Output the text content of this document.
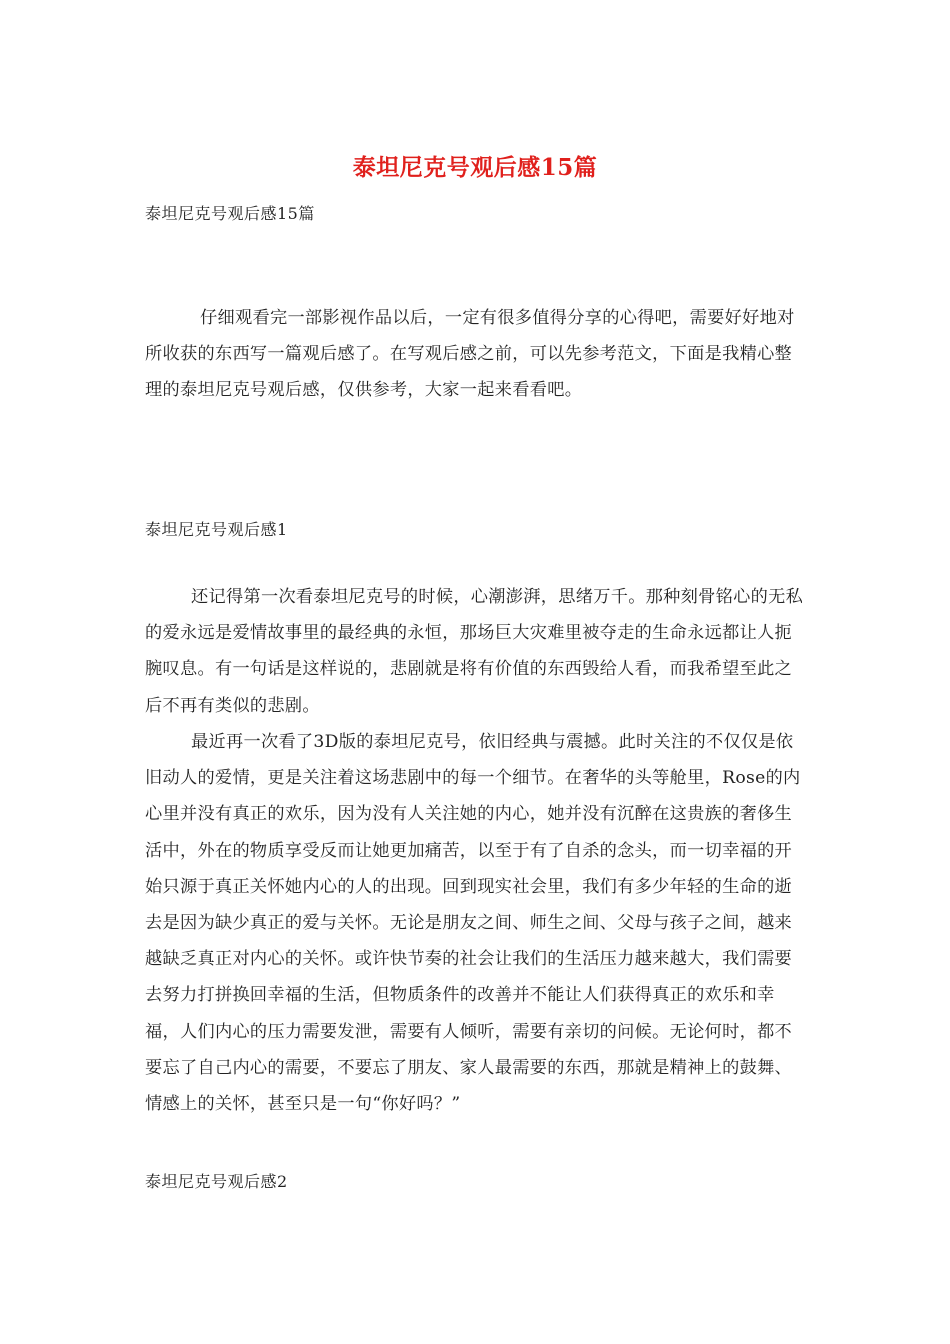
泰坦尼克号观后感15篇
泰坦尼克号观后感15篇

仔细观看完一部影视作品以后，一定有很多值得分享的心得吧，需要好好地对所收获的东西写一篇观后感了。在写观后感之前，可以先参考范文，下面是我精心整理的泰坦尼克号观后感，仅供参考，大家一起来看看吧。

泰坦尼克号观后感1

还记得第一次看泰坦尼克号的时候，心潮澎湃，思绪万千。那种刻骨铭心的无私的爱永远是爱情故事里的最经典的永恒，那场巨大灾难里被夺走的生命永远都让人扼腕叹息。有一句话是这样说的，悲剧就是将有价值的东西毁给人看，而我希望至此之后不再有类似的悲剧。

最近再一次看了3D版的泰坦尼克号，依旧经典与震撼。此时关注的不仅仅是依旧动人的爱情，更是关注着这场悲剧中的每一个细节。在奢华的头等舱里，Rose的内心里并没有真正的欢乐，因为没有人关注她的内心，她并没有沉醉在这贵族的奢侈生活中，外在的物质享受反而让她更加痛苦，以至于有了自杀的念头，而一切幸福的开始只源于真正关怀她内心的人的出现。回到现实社会里，我们有多少年轻的生命的逝去是因为缺少真正的爱与关怀。无论是朋友之间、师生之间、父母与孩子之间，越来越缺乏真正对内心的关怀。或许快节奏的社会让我们的生活压力越来越大，我们需要去努力打拼换回幸福的生活，但物质条件的改善并不能让人们获得真正的欢乐和幸福，人们内心的压力需要发泄，需要有人倾听，需要有亲切的问候。无论何时，都不要忘了自己内心的需要，不要忘了朋友、家人最需要的东西，那就是精神上的鼓舞、情感上的关怀，甚至只是一句“你好吗？”

泰坦尼克号观后感2
